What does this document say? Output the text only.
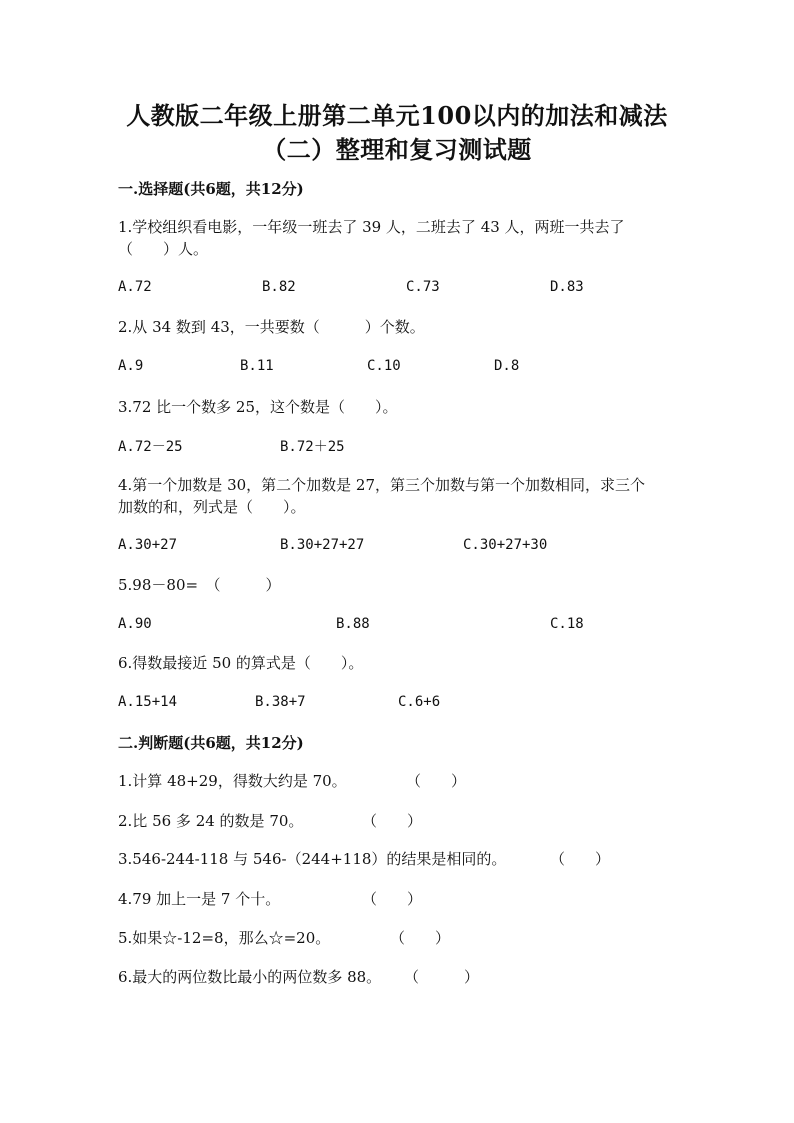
人教版二年级上册第二单元100以内的加法和减法
（二）整理和复习测试题
一.选择题(共6题，共12分)
1.学校组织看电影，一年级一班去了 39 人，二班去了 43 人，两班一共去了
（　　）人。
A.72	B.82	C.73	D.83
2.从 34 数到 43，一共要数（　　　）个数。
A.9	B.11	C.10	D.8
3.72 比一个数多 25，这个数是（　　）。
A.72－25	B.72＋25
4.第一个加数是 30，第二个加数是 27，第三个加数与第一个加数相同，求三个
加数的和，列式是（　　）。
A.30+27	B.30+27+27	C.30+27+30
5.98－80=　（　　　）
A.90	B.88	C.18
6.得数最接近 50 的算式是（　　）。
A.15+14	B.38+7	C.6+6
二.判断题(共6题，共12分)
1.计算 48+29，得数大约是 70。	（　　）
2.比 56 多 24 的数是 70。	（　　）
3.546-244-118 与 546-（244+118）的结果是相同的。	（　　）
4.79 加上一是 7 个十。	（　　）
5.如果☆-12=8，那么☆=20。	（　　）
6.最大的两位数比最小的两位数多 88。	（　　　）
